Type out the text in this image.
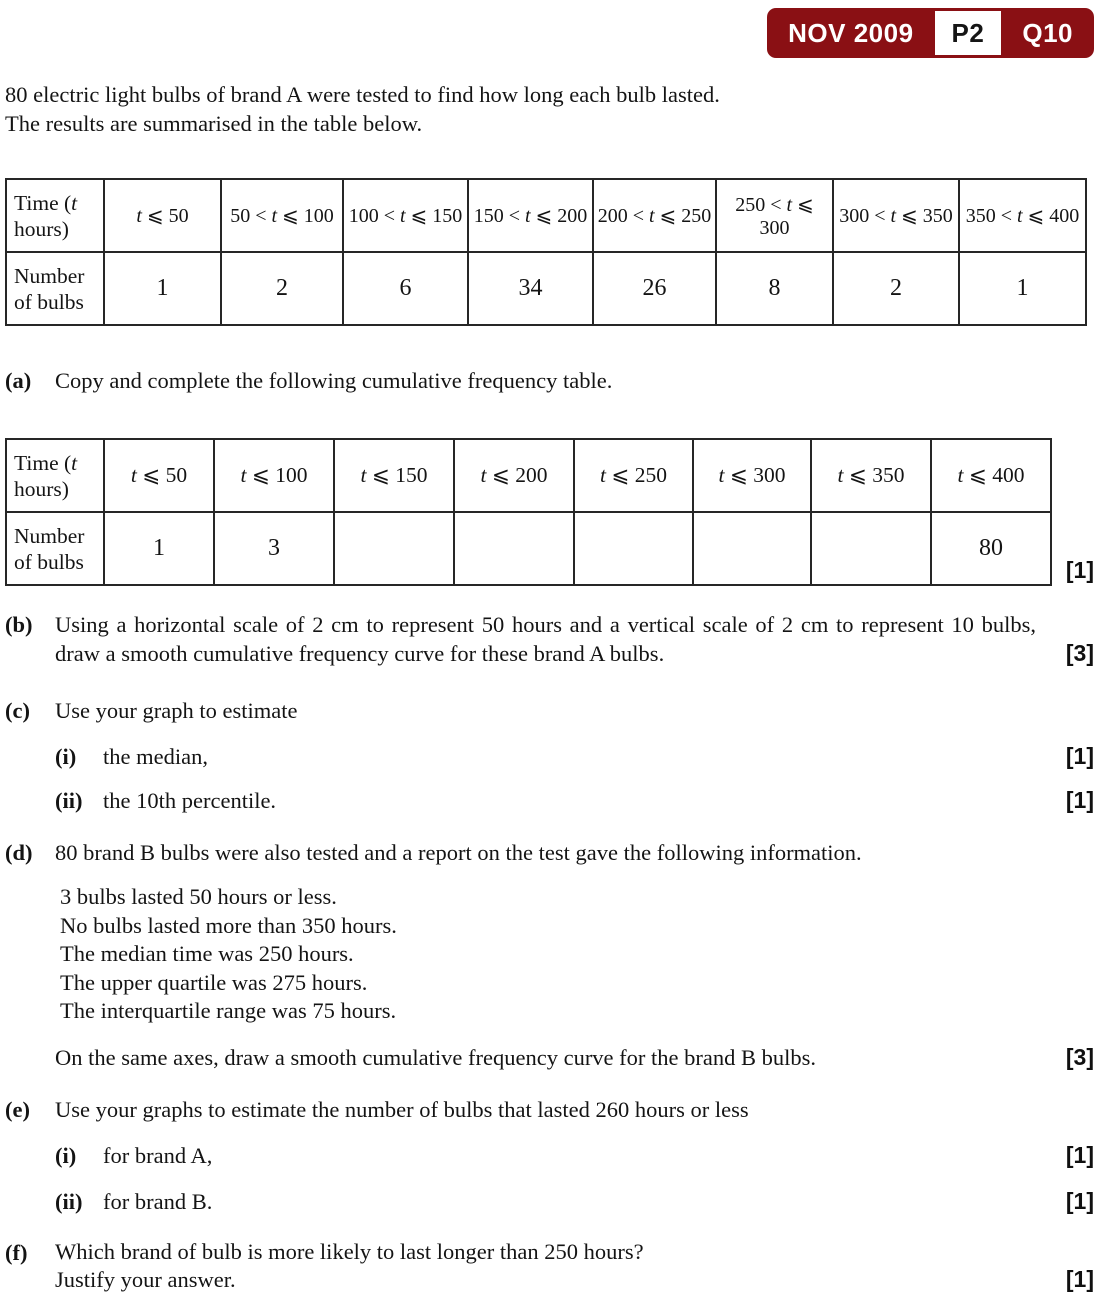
NOV 2009	P2	Q10
80 electric light bulbs of brand A were tested to find how long each bulb lasted.
The results are summarised in the table below.
Time (t hours)	t ⩽ 50	50 < t ⩽ 100	100 < t ⩽ 150	150 < t ⩽ 200	200 < t ⩽ 250	250 < t ⩽ 300	300 < t ⩽ 350	350 < t ⩽ 400
Number of bulbs	1	2	6	34	26	8	2	1
(a)	Copy and complete the following cumulative frequency table.
Time (t hours)	t ⩽ 50	t ⩽ 100	t ⩽ 150	t ⩽ 200	t ⩽ 250	t ⩽ 300	t ⩽ 350	t ⩽ 400
Number of bulbs	1	3						80
[1]
(b)	Using a horizontal scale of 2 cm to represent 50 hours and a vertical scale of 2 cm to represent 10 bulbs, draw a smooth cumulative frequency curve for these brand A bulbs.	[3]
(c)	Use your graph to estimate
(i)	the median,	[1]
(ii) the 10th percentile.	[1]
(d)	80 brand B bulbs were also tested and a report on the test gave the following information.
3 bulbs lasted 50 hours or less.
No bulbs lasted more than 350 hours.
The median time was 250 hours.
The upper quartile was 275 hours.
The interquartile range was 75 hours.
On the same axes, draw a smooth cumulative frequency curve for the brand B bulbs.	[3]
(e)	Use your graphs to estimate the number of bulbs that lasted 260 hours or less
(i)	for brand A,	[1]
(ii) for brand B.	[1]
(f)	Which brand of bulb is more likely to last longer than 250 hours?
Justify your answer.	[1]
